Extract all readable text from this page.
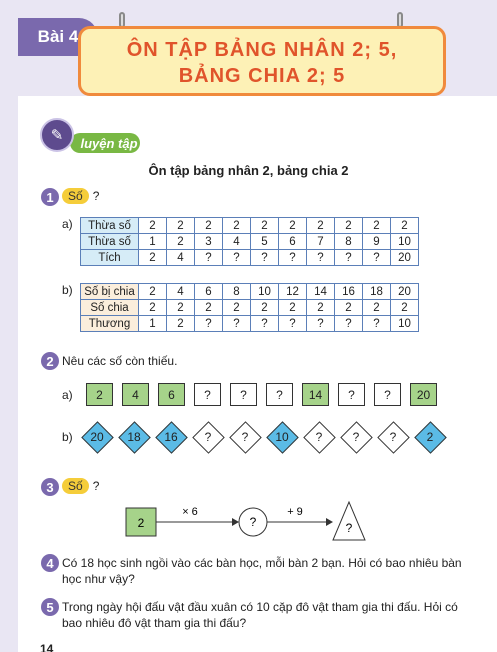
Bài 4
ÔN TẬP BẢNG NHÂN 2; 5,
BẢNG CHIA 2; 5
luyện tập
✎
Ôn tập bảng nhân 2, bảng chia 2
1	Số ?
a) Thừa số	2	2	2	2	2	2	2	2	2	2
Thừa số	1	2	3	4	5	6	7	8	9	10
Tích	2	4	?	?	?	?	?	?	?	20
b) Số bị chia	2	4	6	8	10	12	14	16	18	20
Số chia	2	2	2	2	2	2	2	2	2	2
Thương	1	2	?	?	?	?	?	?	?	10
2 Nêu các số còn thiếu.
a)	2	4	6	?	?	?	14	?	?	20
b) 20 18 16 ?	? 10 ?	?	?	2
3	Số ?
2
× 6
?
+ 9
?
4 Có 18 học sinh ngồi vào các bàn học, mỗi bàn 2 bạn. Hỏi có bao nhiêu bàn học như vậy?
5 Trong ngày hội đấu vật đầu xuân có 10 cặp đô vật tham gia thi đấu. Hỏi có bao nhiêu đô vật tham gia thi đấu?
14
